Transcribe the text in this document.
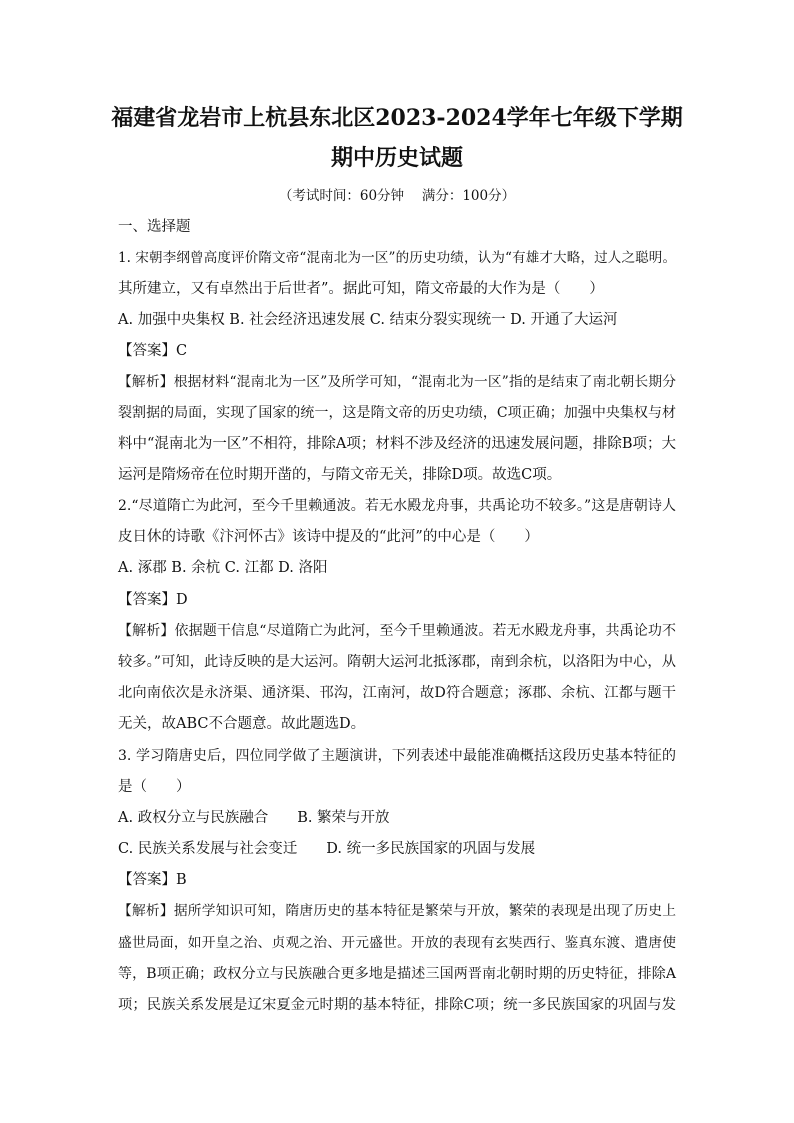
福建省龙岩市上杭县东北区2023-2024学年七年级下学期
期中历史试题
（考试时间：60分钟　 满分：100分）
一、选择题
1. 宋朝李纲曾高度评价隋文帝“混南北为一区”的历史功绩，认为“有雄才大略，过人之聪明。
其所建立，又有卓然出于后世者”。据此可知，隋文帝最的大作为是（　　）
A. 加强中央集权 B. 社会经济迅速发展 C. 结束分裂实现统一 D. 开通了大运河
【答案】C
【解析】根据材料“混南北为一区”及所学可知，“混南北为一区”指的是结束了南北朝长期分
裂割据的局面，实现了国家的统一，这是隋文帝的历史功绩，C项正确；加强中央集权与材
料中“混南北为一区”不相符，排除A项；材料不涉及经济的迅速发展问题，排除B项；大
运河是隋炀帝在位时期开凿的，与隋文帝无关，排除D项。故选C项。
2.“尽道隋亡为此河，至今千里赖通波。若无水殿龙舟事，共禹论功不较多。”这是唐朝诗人
皮日休的诗歌《汴河怀古》该诗中提及的“此河”的中心是（　　）
A. 涿郡 B. 余杭 C. 江都 D. 洛阳
【答案】D
【解析】依据题干信息“尽道隋亡为此河，至今千里赖通波。若无水殿龙舟事，共禹论功不
较多。”可知，此诗反映的是大运河。隋朝大运河北抵涿郡，南到余杭，以洛阳为中心，从
北向南依次是永济渠、通济渠、邗沟，江南河，故D符合题意；涿郡、余杭、江都与题干
无关，故ABC不合题意。故此题选D。
3. 学习隋唐史后，四位同学做了主题演讲，下列表述中最能准确概括这段历史基本特征的
是（　　）
A. 政权分立与民族融合　　B. 繁荣与开放
C. 民族关系发展与社会变迁　　D. 统一多民族国家的巩固与发展
【答案】B
【解析】据所学知识可知，隋唐历史的基本特征是繁荣与开放，繁荣的表现是出现了历史上
盛世局面，如开皇之治、贞观之治、开元盛世。开放的表现有玄奘西行、鉴真东渡、遣唐使
等，B项正确；政权分立与民族融合更多地是描述三国两晋南北朝时期的历史特征，排除A
项；民族关系发展是辽宋夏金元时期的基本特征，排除C项；统一多民族国家的巩固与发
